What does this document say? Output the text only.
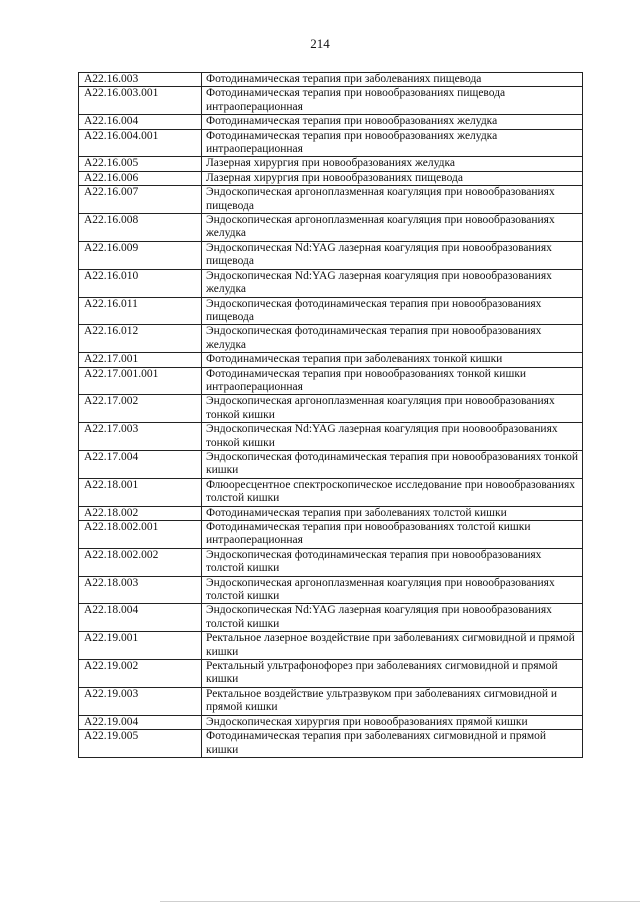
214
A22.16.003	Фотодинамическая терапия при заболеваниях пищевода
A22.16.003.001	Фотодинамическая терапия при новообразованиях пищевода интраоперационная
A22.16.004	Фотодинамическая терапия при новообразованиях желудка
A22.16.004.001	Фотодинамическая терапия при новообразованиях желудка интраоперационная
A22.16.005	Лазерная хирургия при новообразованиях желудка
A22.16.006	Лазерная хирургия при новообразованиях пищевода
A22.16.007	Эндоскопическая аргоноплазменная коагуляция при новообразованиях пищевода
A22.16.008	Эндоскопическая аргоноплазменная коагуляция при новообразованиях желудка
A22.16.009	Эндоскопическая Nd:YAG лазерная коагуляция при новообразованиях пищевода
A22.16.010	Эндоскопическая Nd:YAG лазерная коагуляция при новообразованиях желудка
A22.16.011	Эндоскопическая фотодинамическая терапия при новообразованиях пищевода
A22.16.012	Эндоскопическая фотодинамическая терапия при новообразованиях желудка
A22.17.001	Фотодинамическая терапия при заболеваниях тонкой кишки
A22.17.001.001	Фотодинамическая терапия при новообразованиях тонкой кишки интраоперационная
A22.17.002	Эндоскопическая аргоноплазменная коагуляция при новообразованиях тонкой кишки
A22.17.003	Эндоскопическая Nd:YAG лазерная коагуляция при нoовообразованиях тонкой кишки
A22.17.004	Эндоскопическая фотодинамическая терапия при новообразованиях тонкой кишки
A22.18.001	Флюоресцентное спектроскопическое исследование при новообразованиях толстой кишки
A22.18.002	Фотодинамическая терапия при заболеваниях толстой кишки
A22.18.002.001	Фотодинамическая терапия при новообразованиях толстой кишки интраоперационная
A22.18.002.002	Эндоскопическая фотодинамическая терапия при новообразованиях толстой кишки
A22.18.003	Эндоскопическая аргоноплазменная коагуляция при новообразованиях толстой кишки
A22.18.004	Эндоскопическая Nd:YAG лазерная коагуляция при новообразованиях толстой кишки
A22.19.001	Ректальное лазерное воздействие при заболеваниях сигмовидной и прямой кишки
A22.19.002	Ректальный ультрафонофорез при заболеваниях сигмовидной и прямой кишки
A22.19.003	Ректальное воздействие ультразвуком при заболеваниях сигмовидной и прямой кишки
A22.19.004	Эндоскопическая хирургия при новообразованиях прямой кишки
A22.19.005	Фотодинамическая терапия при заболеваниях сигмовидной и прямой кишки
